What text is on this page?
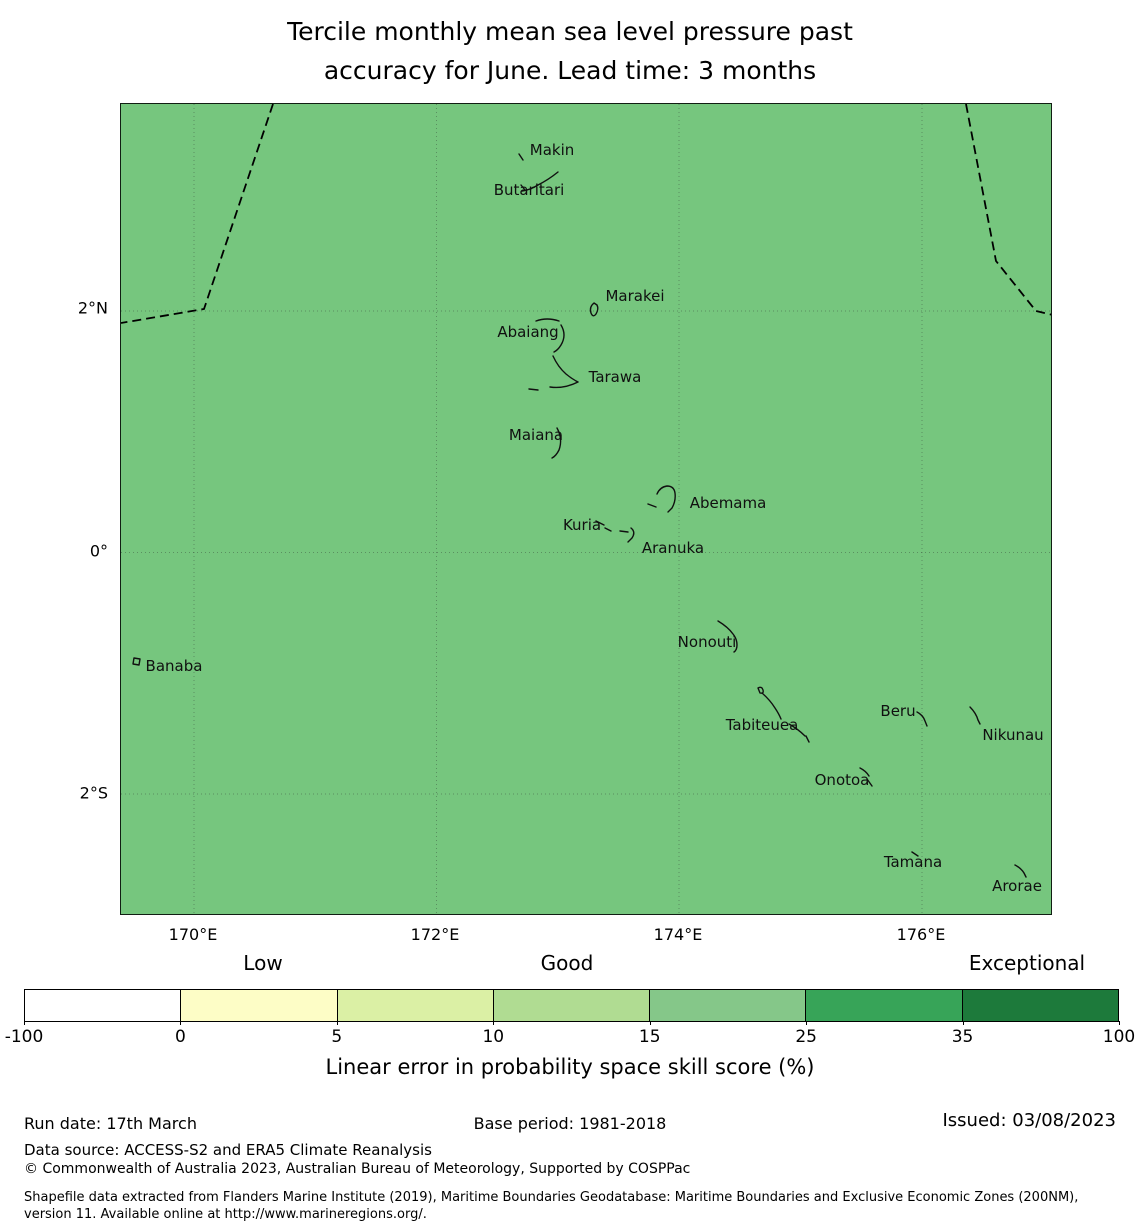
Tercile monthly mean sea level pressure past
accuracy for June. Lead time: 3 months
Makin
Butaritari
Marakei
Abaiang
Tarawa
Maiana
Abemama
Kuria
Aranuka
Nonouti
Banaba
Tabiteuea
Beru
Nikunau
Onotoa
Tamana
Arorae
2°N
0°
2°S
170°E	172°E	174°E	176°E
Low	Good	Exceptional
-100	0	5	10	15	25	35	100
Linear error in probability space skill score (%)
Run date: 17th March	Base period: 1981-2018	Issued: 03/08/2023
Data source: ACCESS-S2 and ERA5 Climate Reanalysis
© Commonwealth of Australia 2023, Australian Bureau of Meteorology, Supported by COSPPac
Shapefile data extracted from Flanders Marine Institute (2019), Maritime Boundaries Geodatabase: Maritime Boundaries and Exclusive Economic Zones (200NM), version 11. Available online at http://www.marineregions.org/.
